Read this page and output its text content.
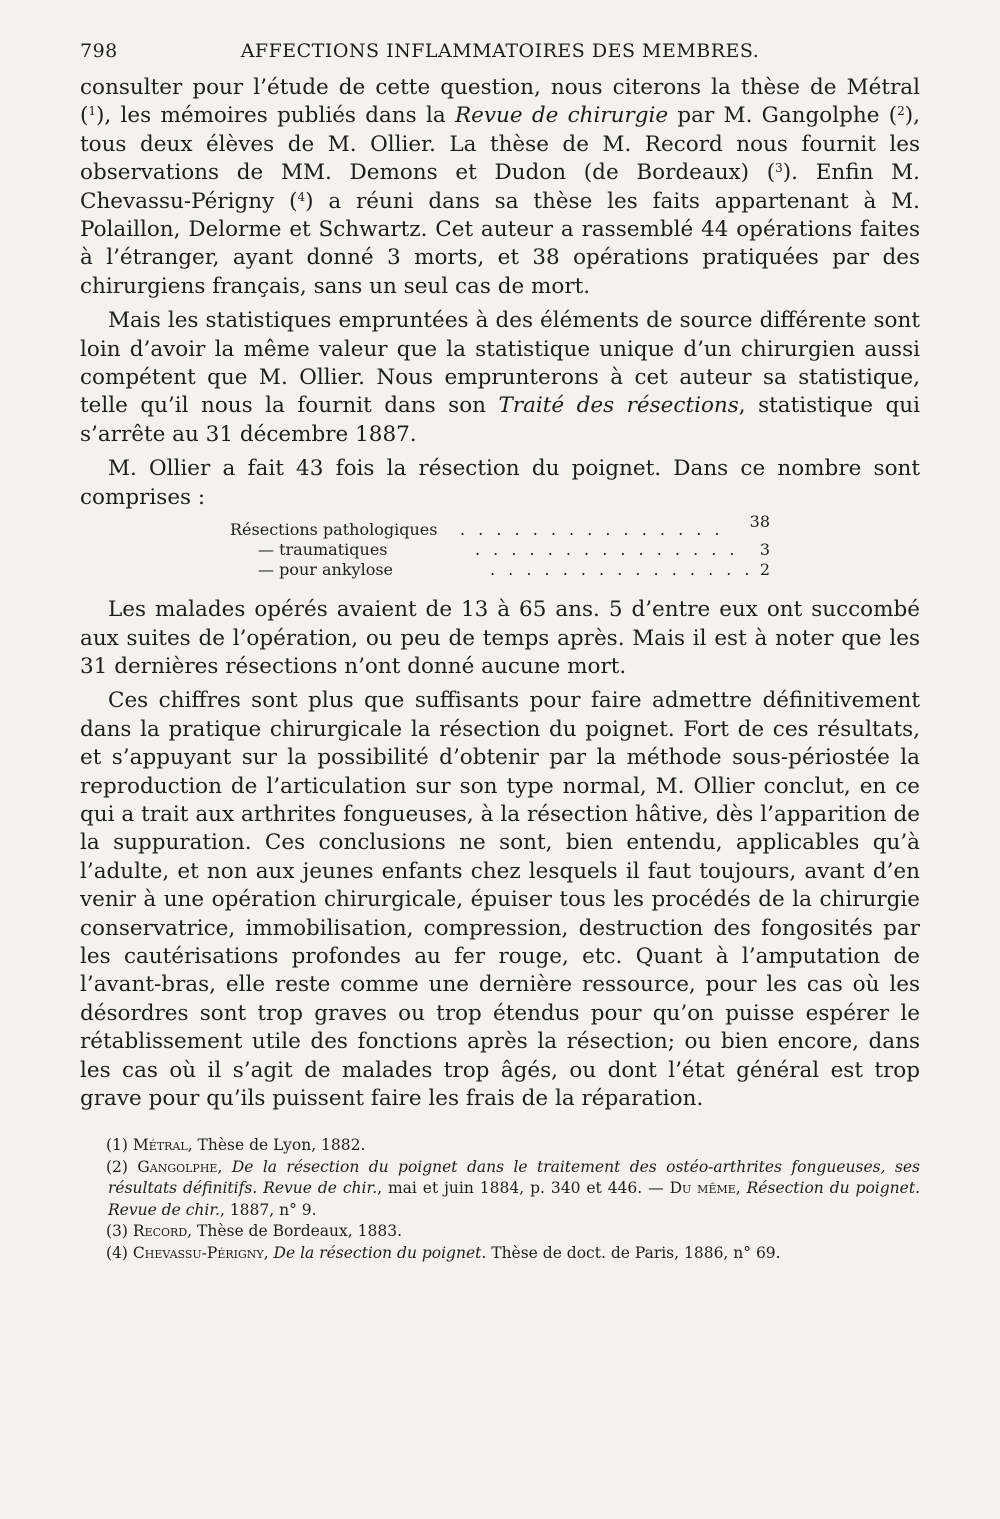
798	AFFECTIONS INFLAMMATOIRES DES MEMBRES.

consulter pour l’étude de cette question, nous citerons la thèse de Métral ($^1$), les mémoires publiés dans la Revue de chirurgie par M. Gangolphe ($^2$), tous deux élèves de M. Ollier. La thèse de M. Record nous fournit les observations de MM. Demons et Dudon (de Bordeaux) ($^3$). Enfin M. Chevassu-Périgny ($^4$) a réuni dans sa thèse les faits appartenant à M. Polaillon, Delorme et Schwartz. Cet auteur a rassemblé 44 opérations faites à l’étranger, ayant donné 3 morts, et 38 opérations pratiquées par des chirurgiens français, sans un seul cas de mort.

Mais les statistiques empruntées à des éléments de source différente sont loin d’avoir la même valeur que la statistique unique d’un chirurgien aussi compétent que M. Ollier. Nous emprunterons à cet auteur sa statistique, telle qu’il nous la fournit dans son Traité des résections, statistique qui s’arrête au 31 décembre 1887.

M. Ollier a fait 43 fois la résection du poignet. Dans ce nombre sont comprises :

Résections pathologiques . . . . . . . . . . . . . . .	38
— traumatiques	. . . . . . . . . . . . . . . 3
— pour ankylose	. . . . . . . . . . . . . . . 2

Les malades opérés avaient de 13 à 65 ans. 5 d’entre eux ont succombé aux suites de l’opération, ou peu de temps après. Mais il est à noter que les 31 dernières résections n’ont donné aucune mort.

Ces chiffres sont plus que suffisants pour faire admettre définitivement dans la pratique chirurgicale la résection du poignet. Fort de ces résultats, et s’appuyant sur la possibilité d’obtenir par la méthode sous-périostée la reproduction de l’articulation sur son type normal, M. Ollier conclut, en ce qui a trait aux arthrites fongueuses, à la résection hâtive, dès l’apparition de la suppuration. Ces conclusions ne sont, bien entendu, applicables qu’à l’adulte, et non aux jeunes enfants chez lesquels il faut toujours, avant d’en venir à une opération chirurgicale, épuiser tous les procédés de la chirurgie conservatrice, immobilisation, compression, destruction des fongosités par les cautérisations profondes au fer rouge, etc. Quant à l’amputation de l’avant-bras, elle reste comme une dernière ressource, pour les cas où les désordres sont trop graves ou trop étendus pour qu’on puisse espérer le rétablissement utile des fonctions après la résection; ou bien encore, dans les cas où il s’agit de malades trop âgés, ou dont l’état général est trop grave pour qu’ils puissent faire les frais de la réparation.

(1) Métral, Thèse de Lyon, 1882.

(2) Gangolphe, De la résection du poignet dans le traitement des ostéo-arthrites fongueuses, ses résultats définitifs. Revue de chir., mai et juin 1884, p. 340 et 446. — Du même, Résection du poignet. Revue de chir., 1887, n° 9.

(3) Record, Thèse de Bordeaux, 1883.

(4) Chevassu-Périgny, De la résection du poignet. Thèse de doct. de Paris, 1886, n° 69.
